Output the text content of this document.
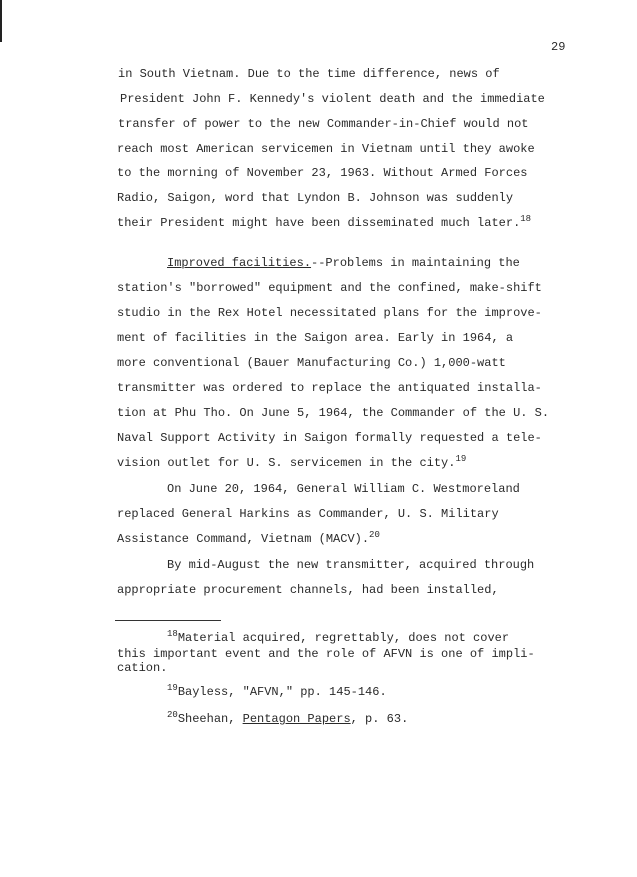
29
in South Vietnam. Due to the time difference, news of
President John F. Kennedy's violent death and the immediate
transfer of power to the new Commander-in-Chief would not
reach most American servicemen in Vietnam until they awoke
to the morning of November 23, 1963. Without Armed Forces
Radio, Saigon, word that Lyndon B. Johnson was suddenly
their President might have been disseminated much later.$^{18}$
Improved facilities.--Problems in maintaining the
station's "borrowed" equipment and the confined, make-shift
studio in the Rex Hotel necessitated plans for the improve-
ment of facilities in the Saigon area. Early in 1964, a
more conventional (Bauer Manufacturing Co.) 1,000-watt
transmitter was ordered to replace the antiquated installa-
tion at Phu Tho. On June 5, 1964, the Commander of the U. S.
Naval Support Activity in Saigon formally requested a tele-
vision outlet for U. S. servicemen in the city.$^{19}$
On June 20, 1964, General William C. Westmoreland
replaced General Harkins as Commander, U. S. Military
Assistance Command, Vietnam (MACV).$^{20}$
By mid-August the new transmitter, acquired through
appropriate procurement channels, had been installed,
$^{18}$Material acquired, regrettably, does not cover
this important event and the role of AFVN is one of impli-
cation.
$^{19}$Bayless, "AFVN," pp. 145-146.
$^{20}$Sheehan, Pentagon Papers, p. 63.
